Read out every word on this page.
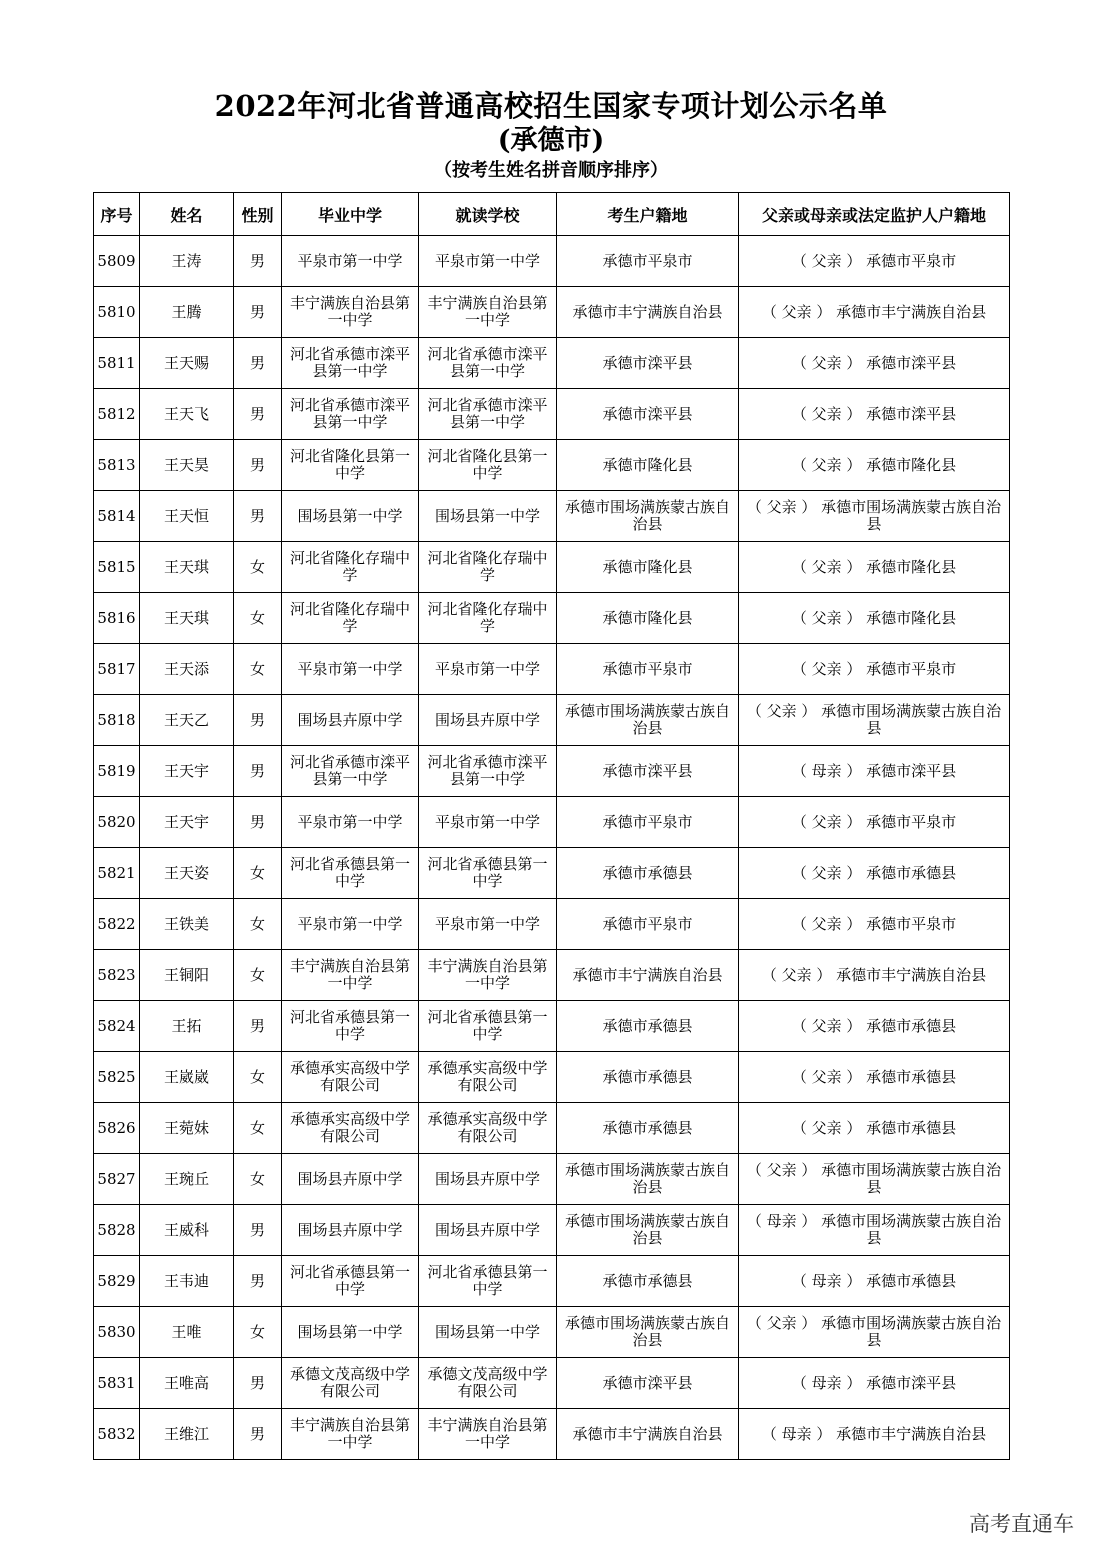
2022年河北省普通高校招生国家专项计划公示名单
(承德市)
（按考生姓名拼音顺序排序）
序号	姓名	性别	毕业中学	就读学校	考生户籍地	父亲或母亲或法定监护人户籍地
5809	王涛	男	平泉市第一中学	平泉市第一中学	承德市平泉市	（ 父亲 ） 承德市平泉市
5810	王腾	男	丰宁满族自治县第一中学	丰宁满族自治县第一中学	承德市丰宁满族自治县	（ 父亲 ） 承德市丰宁满族自治县
5811	王天赐	男	河北省承德市滦平县第一中学	河北省承德市滦平县第一中学	承德市滦平县	（ 父亲 ） 承德市滦平县
5812	王天飞	男	河北省承德市滦平县第一中学	河北省承德市滦平县第一中学	承德市滦平县	（ 父亲 ） 承德市滦平县
5813	王天昊	男	河北省隆化县第一中学	河北省隆化县第一中学	承德市隆化县	（ 父亲 ） 承德市隆化县
5814	王天恒	男	围场县第一中学	围场县第一中学	承德市围场满族蒙古族自治县	（ 父亲 ） 承德市围场满族蒙古族自治县
5815	王天琪	女	河北省隆化存瑞中学	河北省隆化存瑞中学	承德市隆化县	（ 父亲 ） 承德市隆化县
5816	王天琪	女	河北省隆化存瑞中学	河北省隆化存瑞中学	承德市隆化县	（ 父亲 ） 承德市隆化县
5817	王天添	女	平泉市第一中学	平泉市第一中学	承德市平泉市	（ 父亲 ） 承德市平泉市
5818	王天乙	男	围场县卉原中学	围场县卉原中学	承德市围场满族蒙古族自治县	（ 父亲 ） 承德市围场满族蒙古族自治县
5819	王天宇	男	河北省承德市滦平县第一中学	河北省承德市滦平县第一中学	承德市滦平县	（ 母亲 ） 承德市滦平县
5820	王天宇	男	平泉市第一中学	平泉市第一中学	承德市平泉市	（ 父亲 ） 承德市平泉市
5821	王天姿	女	河北省承德县第一中学	河北省承德县第一中学	承德市承德县	（ 父亲 ） 承德市承德县
5822	王铁美	女	平泉市第一中学	平泉市第一中学	承德市平泉市	（ 父亲 ） 承德市平泉市
5823	王铜阳	女	丰宁满族自治县第一中学	丰宁满族自治县第一中学	承德市丰宁满族自治县	（ 父亲 ） 承德市丰宁满族自治县
5824	王拓	男	河北省承德县第一中学	河北省承德县第一中学	承德市承德县	（ 父亲 ） 承德市承德县
5825	王崴崴	女	承德承实高级中学有限公司	承德承实高级中学有限公司	承德市承德县	（ 父亲 ） 承德市承德县
5826	王菀妹	女	承德承实高级中学有限公司	承德承实高级中学有限公司	承德市承德县	（ 父亲 ） 承德市承德县
5827	王琬丘	女	围场县卉原中学	围场县卉原中学	承德市围场满族蒙古族自治县	（ 父亲 ） 承德市围场满族蒙古族自治县
5828	王威科	男	围场县卉原中学	围场县卉原中学	承德市围场满族蒙古族自治县	（ 母亲 ） 承德市围场满族蒙古族自治县
5829	王韦迪	男	河北省承德县第一中学	河北省承德县第一中学	承德市承德县	（ 母亲 ） 承德市承德县
5830	王唯	女	围场县第一中学	围场县第一中学	承德市围场满族蒙古族自治县	（ 父亲 ） 承德市围场满族蒙古族自治县
5831	王唯高	男	承德文茂高级中学有限公司	承德文茂高级中学有限公司	承德市滦平县	（ 母亲 ） 承德市滦平县
5832	王维江	男	丰宁满族自治县第一中学	丰宁满族自治县第一中学	承德市丰宁满族自治县	（ 母亲 ） 承德市丰宁满族自治县
高考直通车
